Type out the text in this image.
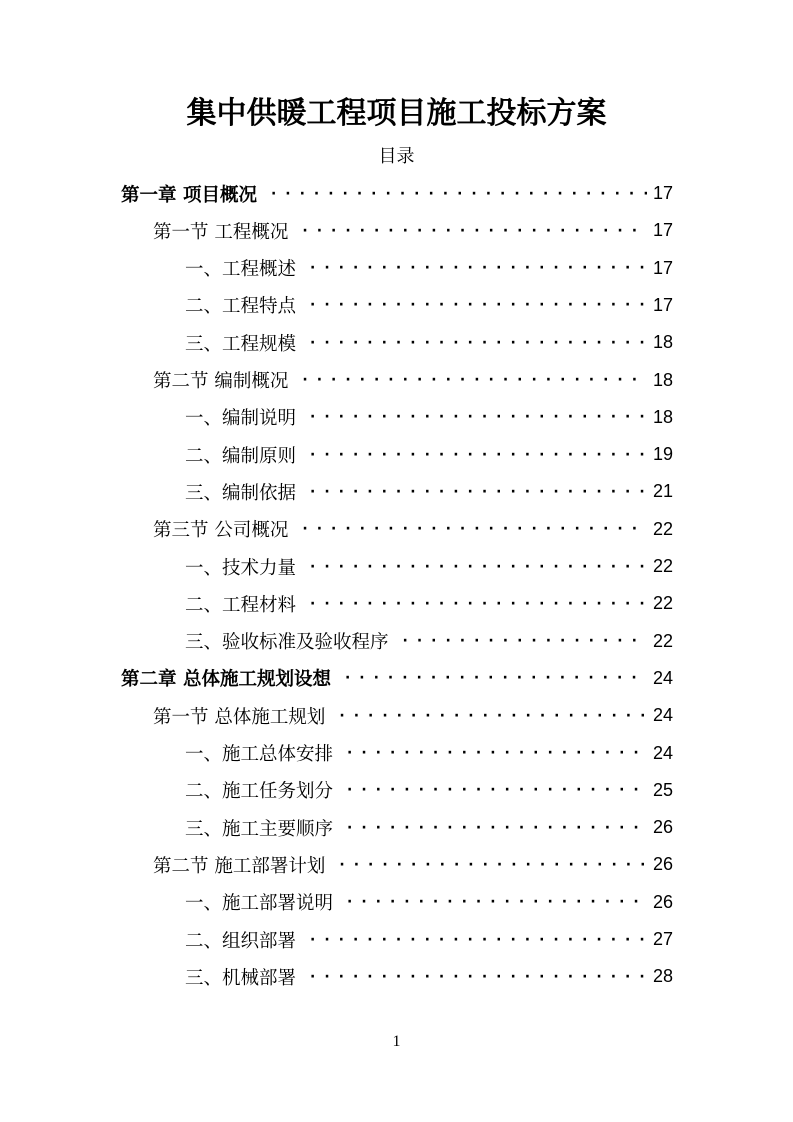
集中供暖工程项目施工投标方案
目录
第一章 项目概况 ·····	17
第一节 工程概况 ·····	17
一、工程概述 ·····	17
二、工程特点 ·····	17
三、工程规模 ·····	18
第二节 编制概况 ·····	18
一、编制说明 ·····	18
二、编制原则 ·····	19
三、编制依据 ·····	21
第三节 公司概况 ·····	22
一、技术力量 ·····	22
二、工程材料 ·····	22
三、验收标准及验收程序 ·····	22
第二章 总体施工规划设想 ·····	24
第一节 总体施工规划 ·····	24
一、施工总体安排 ·····	24
二、施工任务划分 ·····	25
三、施工主要顺序 ·····	26
第二节 施工部署计划 ·····	26
一、施工部署说明 ·····	26
二、组织部署 ·····	27
三、机械部署 ·····	28
1
